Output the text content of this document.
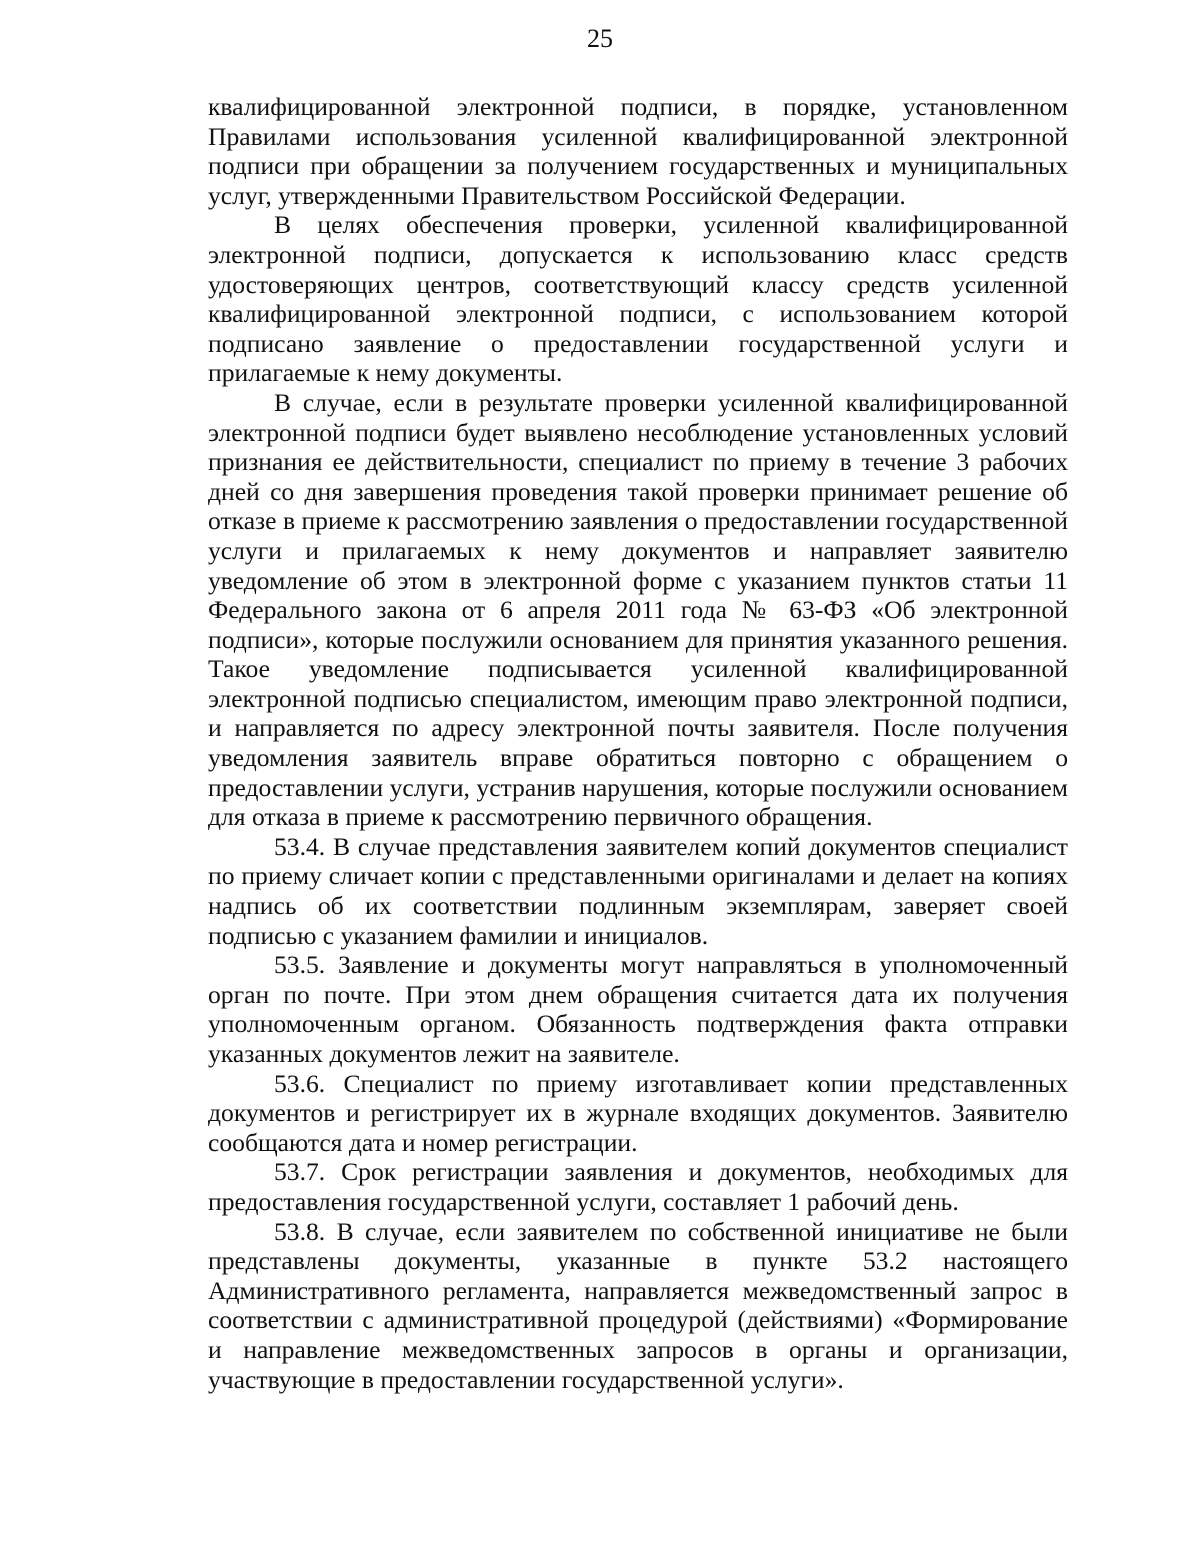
25

квалифицированной электронной подписи, в порядке, установленном Правилами использования усиленной квалифицированной электронной подписи при обращении за получением государственных и муниципальных услуг, утвержденными Правительством Российской Федерации.

В целях обеспечения проверки, усиленной квалифицированной электронной подписи, допускается к использованию класс средств удостоверяющих центров, соответствующий классу средств усиленной квалифицированной электронной подписи, с использованием которой подписано заявление о предоставлении государственной услуги и прилагаемые к нему документы.

В случае, если в результате проверки усиленной квалифицированной электронной подписи будет выявлено несоблюдение установленных условий признания ее действительности, специалист по приему в течение 3 рабочих дней со дня завершения проведения такой проверки принимает решение об отказе в приеме к рассмотрению заявления о предоставлении государственной услуги и прилагаемых к нему документов и направляет заявителю уведомление об этом в электронной форме с указанием пунктов статьи 11 Федерального закона от 6 апреля 2011 года № 63-ФЗ «Об электронной подписи», которые послужили основанием для принятия указанного решения. Такое уведомление подписывается усиленной квалифицированной электронной подписью специалистом, имеющим право электронной подписи, и направляется по адресу электронной почты заявителя. После получения уведомления заявитель вправе обратиться повторно с обращением о предоставлении услуги, устранив нарушения, которые послужили основанием для отказа в приеме к рассмотрению первичного обращения.

53.4. В случае представления заявителем копий документов специалист по приему сличает копии с представленными оригиналами и делает на копиях надпись об их соответствии подлинным экземплярам, заверяет своей подписью с указанием фамилии и инициалов.

53.5. Заявление и документы могут направляться в уполномоченный орган по почте. При этом днем обращения считается дата их получения уполномоченным органом. Обязанность подтверждения факта отправки указанных документов лежит на заявителе.

53.6. Специалист по приему изготавливает копии представленных документов и регистрирует их в журнале входящих документов. Заявителю сообщаются дата и номер регистрации.

53.7. Срок регистрации заявления и документов, необходимых для предоставления государственной услуги, составляет 1 рабочий день.

53.8. В случае, если заявителем по собственной инициативе не были представлены документы, указанные в пункте 53.2 настоящего Административного регламента, направляется межведомственный запрос в соответствии с административной процедурой (действиями) «Формирование и направление межведомственных запросов в органы и организации, участвующие в предоставлении государственной услуги».
